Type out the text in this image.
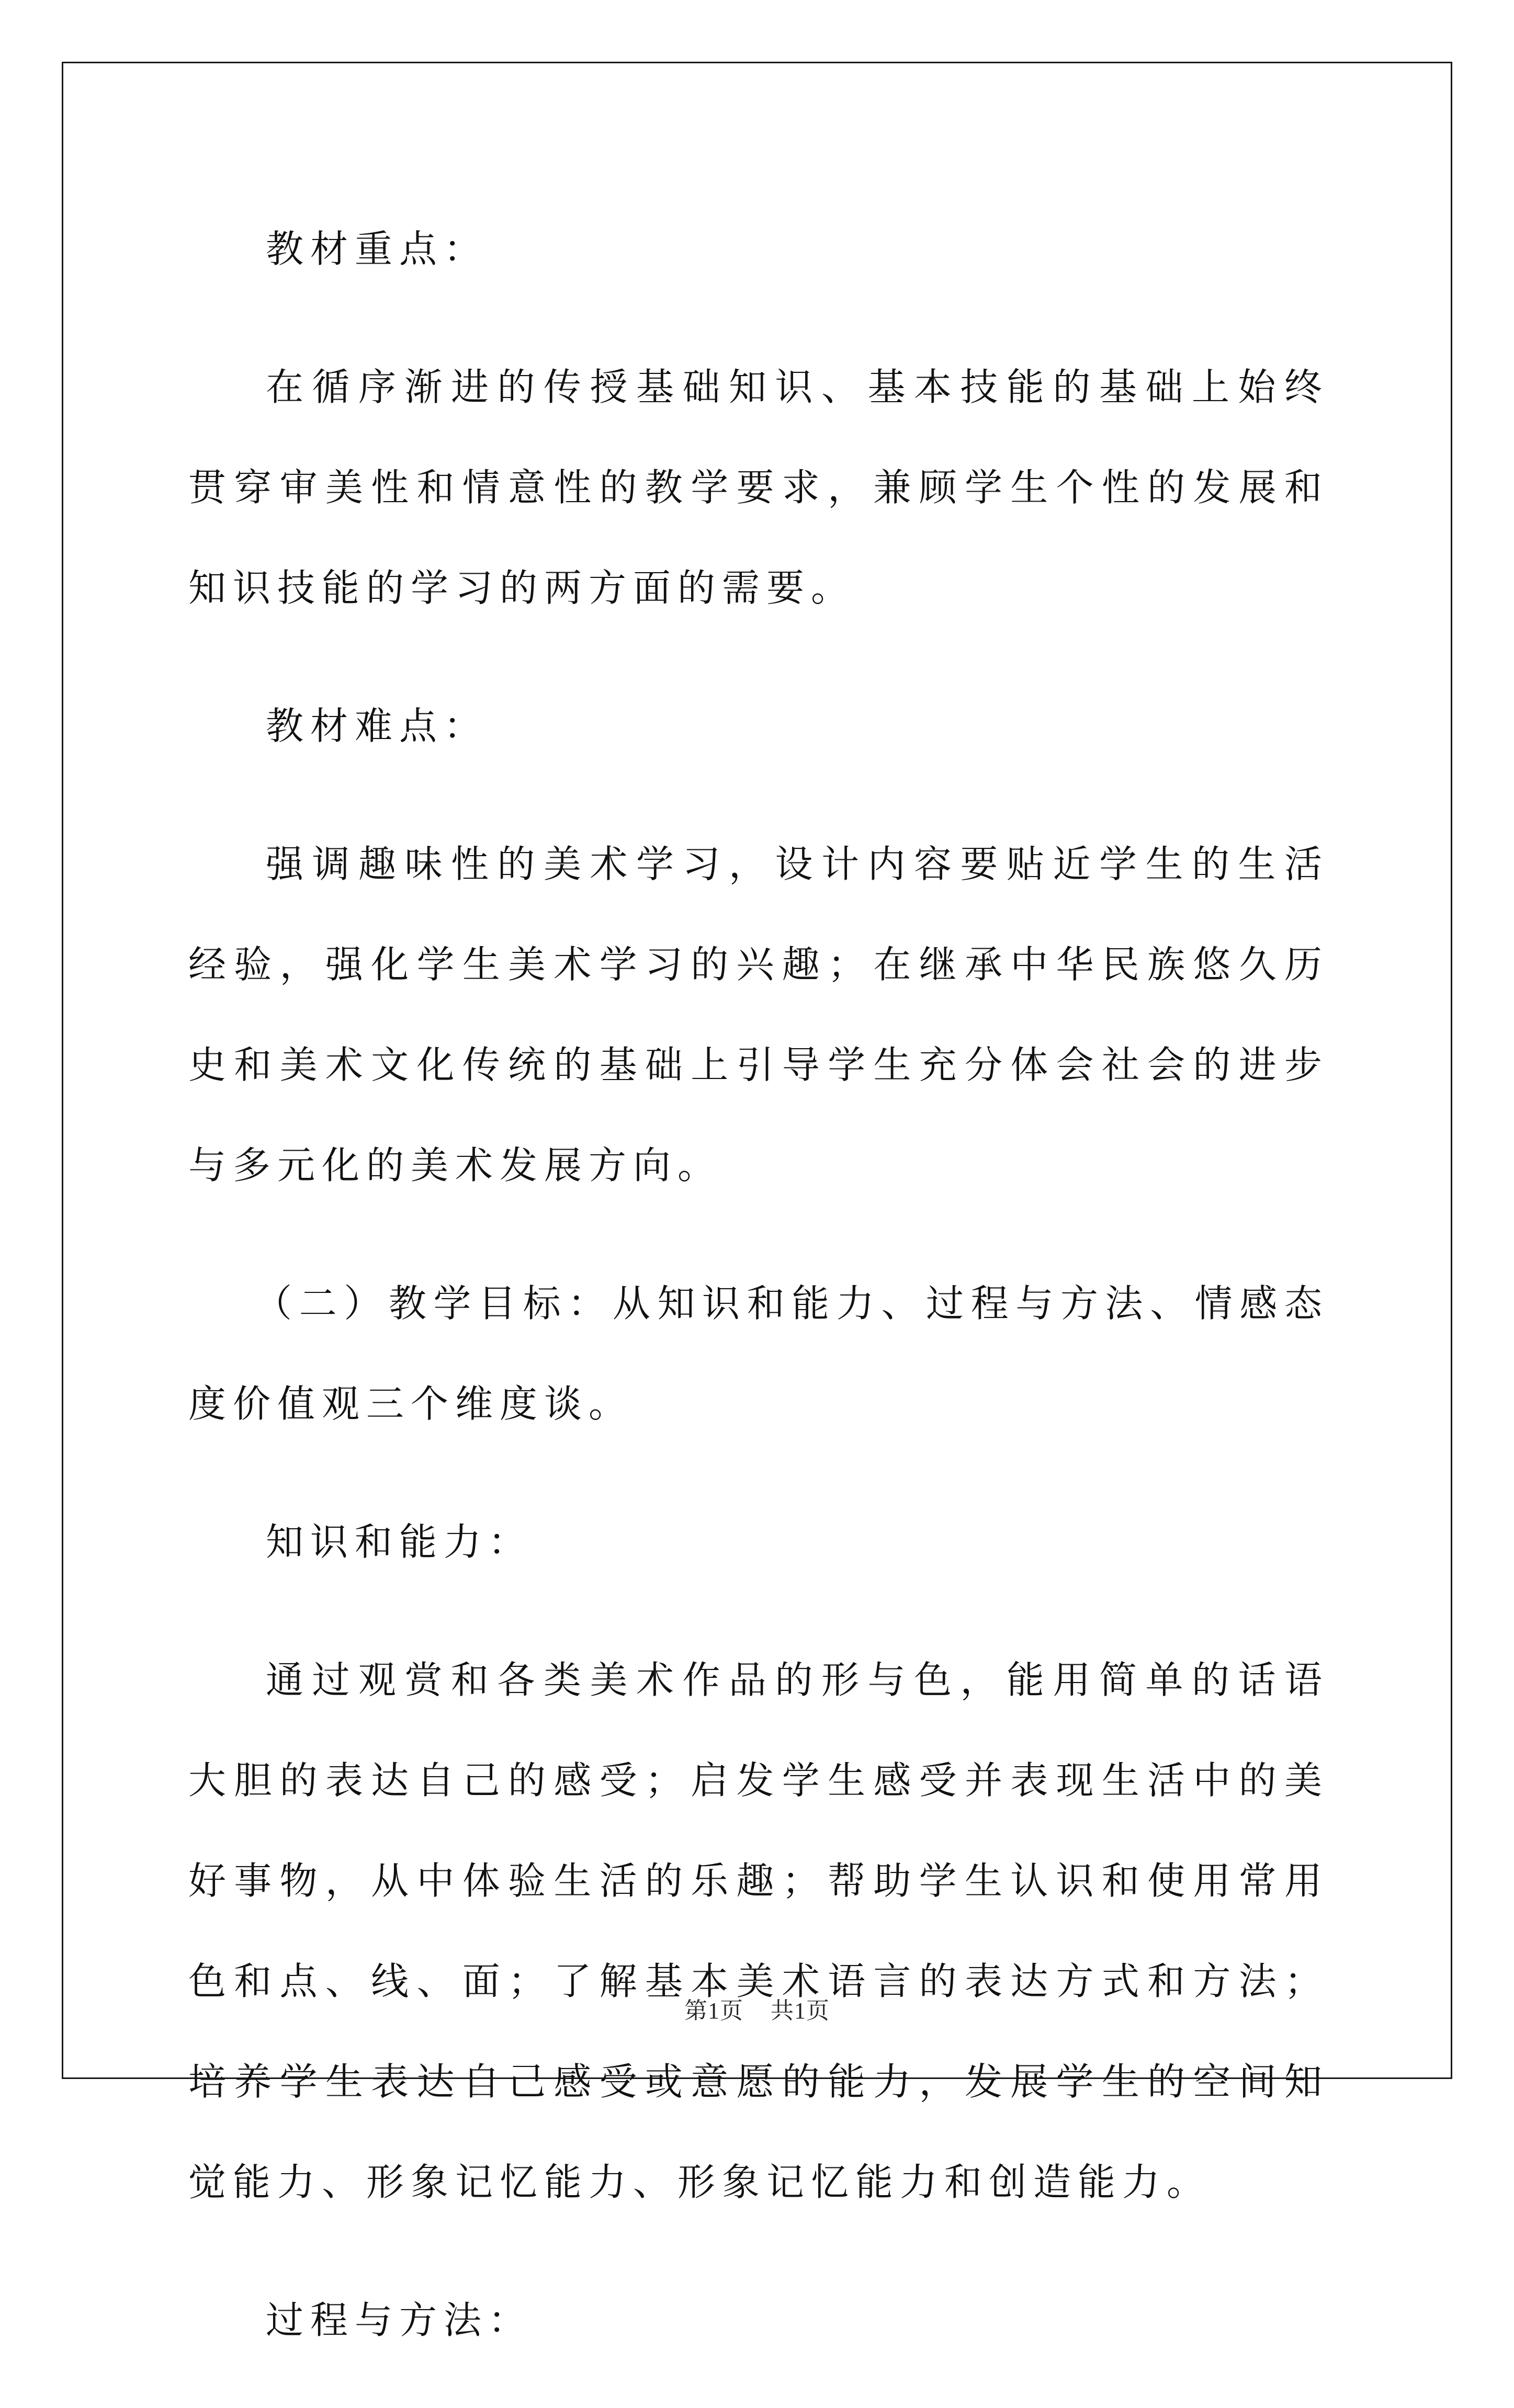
教材重点：

在循序渐进的传授基础知识、基本技能的基础上始终贯穿审美性和情意性的教学要求，兼顾学生个性的发展和知识技能的学习的两方面的需要。

教材难点：

强调趣味性的美术学习，设计内容要贴近学生的生活经验，强化学生美术学习的兴趣；在继承中华民族悠久历史和美术文化传统的基础上引导学生充分体会社会的进步与多元化的美术发展方向。

（二）教学目标：从知识和能力、过程与方法、情感态度价值观三个维度谈。

知识和能力：

通过观赏和各类美术作品的形与色，能用简单的话语大胆的表达自己的感受；启发学生感受并表现生活中的美好事物，从中体验生活的乐趣；帮助学生认识和使用常用色和点、线、面；了解基本美术语言的表达方式和方法；培养学生表达自己感受或意愿的能力，发展学生的空间知觉能力、形象记忆能力、形象记忆能力和创造能力。

过程与方法：

第1页 共1页
